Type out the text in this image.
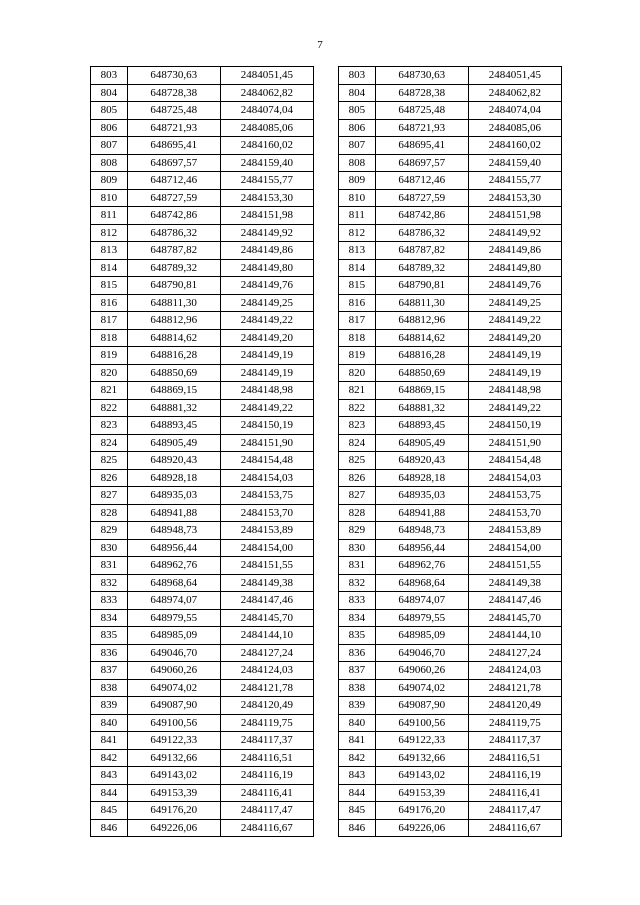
7
803	648730,63	2484051,45		803	648730,63	2484051,45
804	648728,38	2484062,82		804	648728,38	2484062,82
805	648725,48	2484074,04		805	648725,48	2484074,04
806	648721,93	2484085,06		806	648721,93	2484085,06
807	648695,41	2484160,02		807	648695,41	2484160,02
808	648697,57	2484159,40		808	648697,57	2484159,40
809	648712,46	2484155,77		809	648712,46	2484155,77
810	648727,59	2484153,30		810	648727,59	2484153,30
811	648742,86	2484151,98		811	648742,86	2484151,98
812	648786,32	2484149,92		812	648786,32	2484149,92
813	648787,82	2484149,86		813	648787,82	2484149,86
814	648789,32	2484149,80		814	648789,32	2484149,80
815	648790,81	2484149,76		815	648790,81	2484149,76
816	648811,30	2484149,25		816	648811,30	2484149,25
817	648812,96	2484149,22		817	648812,96	2484149,22
818	648814,62	2484149,20		818	648814,62	2484149,20
819	648816,28	2484149,19		819	648816,28	2484149,19
820	648850,69	2484149,19		820	648850,69	2484149,19
821	648869,15	2484148,98		821	648869,15	2484148,98
822	648881,32	2484149,22		822	648881,32	2484149,22
823	648893,45	2484150,19		823	648893,45	2484150,19
824	648905,49	2484151,90		824	648905,49	2484151,90
825	648920,43	2484154,48		825	648920,43	2484154,48
826	648928,18	2484154,03		826	648928,18	2484154,03
827	648935,03	2484153,75		827	648935,03	2484153,75
828	648941,88	2484153,70		828	648941,88	2484153,70
829	648948,73	2484153,89		829	648948,73	2484153,89
830	648956,44	2484154,00		830	648956,44	2484154,00
831	648962,76	2484151,55		831	648962,76	2484151,55
832	648968,64	2484149,38		832	648968,64	2484149,38
833	648974,07	2484147,46		833	648974,07	2484147,46
834	648979,55	2484145,70		834	648979,55	2484145,70
835	648985,09	2484144,10		835	648985,09	2484144,10
836	649046,70	2484127,24		836	649046,70	2484127,24
837	649060,26	2484124,03		837	649060,26	2484124,03
838	649074,02	2484121,78		838	649074,02	2484121,78
839	649087,90	2484120,49		839	649087,90	2484120,49
840	649100,56	2484119,75		840	649100,56	2484119,75
841	649122,33	2484117,37		841	649122,33	2484117,37
842	649132,66	2484116,51		842	649132,66	2484116,51
843	649143,02	2484116,19		843	649143,02	2484116,19
844	649153,39	2484116,41		844	649153,39	2484116,41
845	649176,20	2484117,47		845	649176,20	2484117,47
846	649226,06	2484116,67		846	649226,06	2484116,67
